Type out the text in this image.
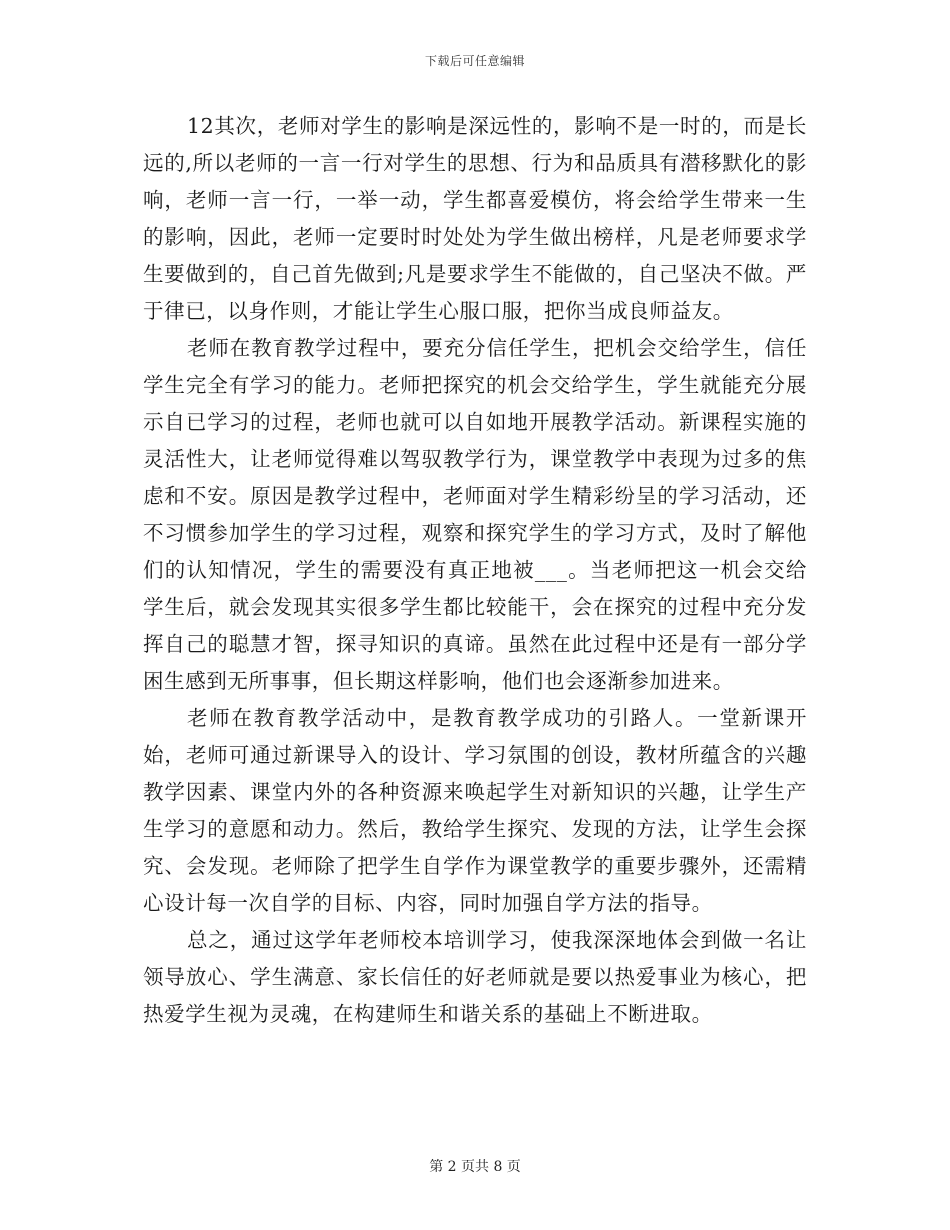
下载后可任意编辑

12其次，老师对学生的影响是深远性的，影响不是一时的，而是长远的,所以老师的一言一行对学生的思想、行为和品质具有潜移默化的影响，老师一言一行，一举一动，学生都喜爱模仿，将会给学生带来一生的影响，因此，老师一定要时时处处为学生做出榜样，凡是老师要求学生要做到的，自己首先做到;凡是要求学生不能做的，自己坚决不做。严于律已，以身作则，才能让学生心服口服，把你当成良师益友。

老师在教育教学过程中，要充分信任学生，把机会交给学生，信任学生完全有学习的能力。老师把探究的机会交给学生，学生就能充分展示自已学习的过程，老师也就可以自如地开展教学活动。新课程实施的灵活性大，让老师觉得难以驾驭教学行为，课堂教学中表现为过多的焦虑和不安。原因是教学过程中，老师面对学生精彩纷呈的学习活动，还不习惯参加学生的学习过程，观察和探究学生的学习方式，及时了解他们的认知情况，学生的需要没有真正地被___。当老师把这一机会交给学生后，就会发现其实很多学生都比较能干，会在探究的过程中充分发挥自己的聪慧才智，探寻知识的真谛。虽然在此过程中还是有一部分学困生感到无所事事，但长期这样影响，他们也会逐渐参加进来。

老师在教育教学活动中，是教育教学成功的引路人。一堂新课开始，老师可通过新课导入的设计、学习氛围的创设，教材所蕴含的兴趣教学因素、课堂内外的各种资源来唤起学生对新知识的兴趣，让学生产生学习的意愿和动力。然后，教给学生探究、发现的方法，让学生会探究、会发现。老师除了把学生自学作为课堂教学的重要步骤外，还需精心设计每一次自学的目标、内容，同时加强自学方法的指导。

总之，通过这学年老师校本培训学习，使我深深地体会到做一名让领导放心、学生满意、家长信任的好老师就是要以热爱事业为核心，把热爱学生视为灵魂，在构建师生和谐关系的基础上不断进取。

第 2 页共 8 页
